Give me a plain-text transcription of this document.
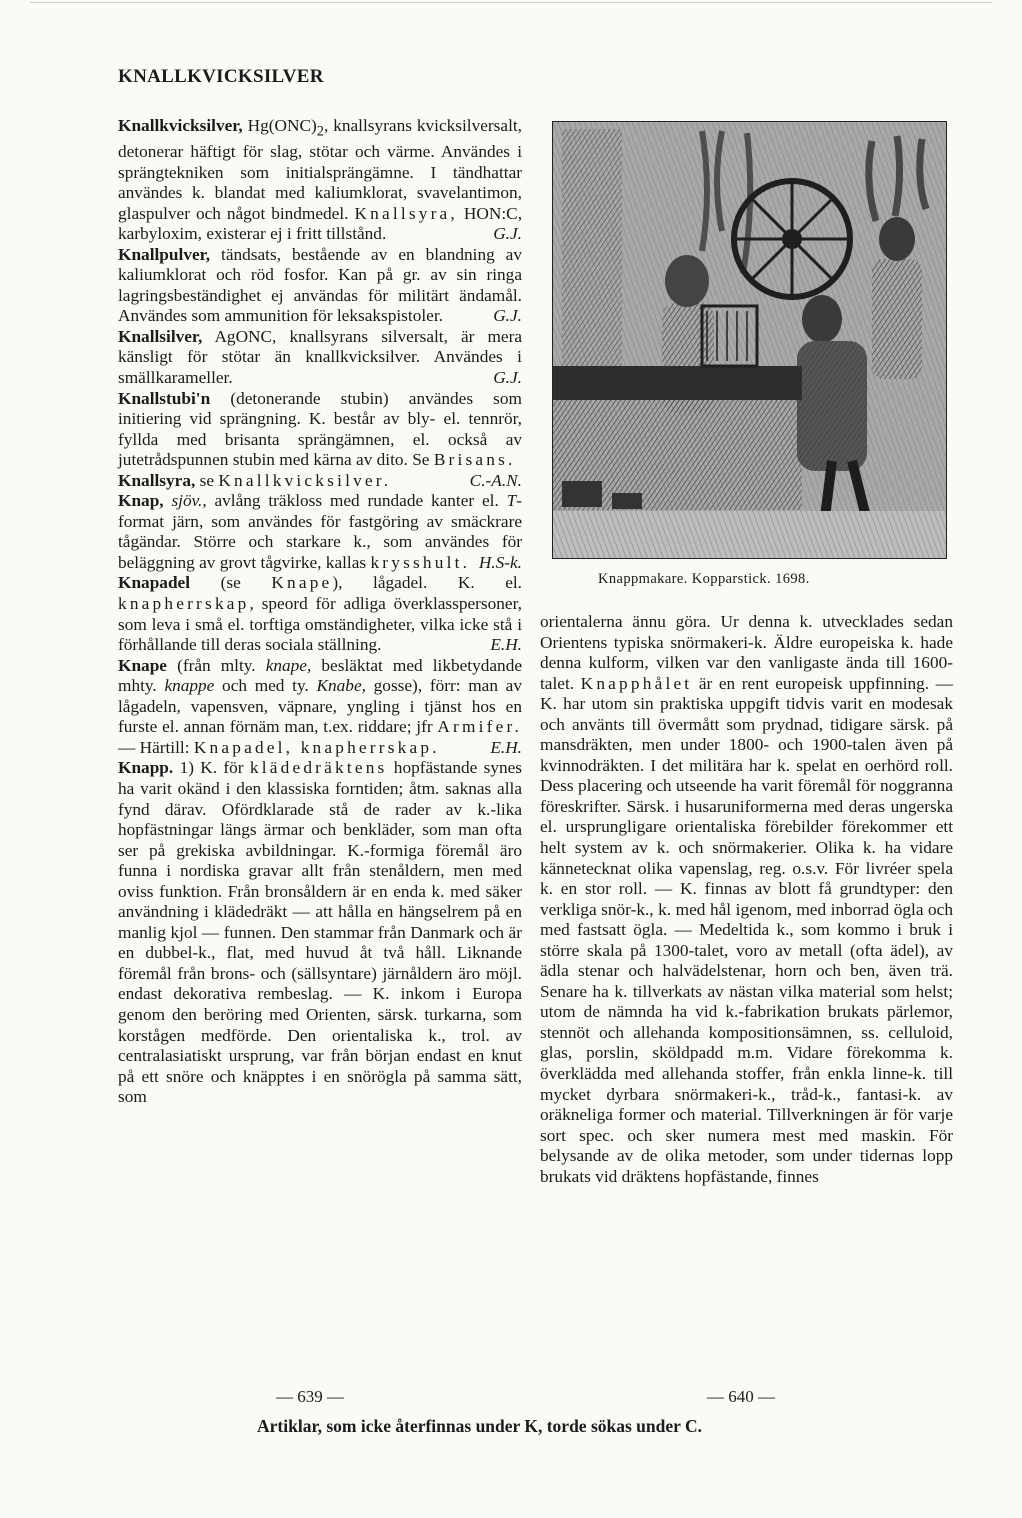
KNALLKVICKSILVER

Knallkvicksilver, $Hg(ONC)_2$, knallsyrans kvicksilversalt, detonerar häftigt för slag, stötar och värme. Användes i sprängtekniken som initialsprängämne. I tändhattar användes k. blandat med kaliumklorat, svavelantimon, glaspulver och något bindmedel. Knallsyra, HON:C, karbyloxim, existerar ej i fritt tillstånd.	G.J.

Knallpulver, tändsats, bestående av en blandning av kaliumklorat och röd fosfor. Kan på gr. av sin ringa lagringsbeständighet ej användas för militärt ändamål. Användes som ammunition för leksakspistoler.	G.J.

Knallsilver, AgONC, knallsyrans silversalt, är mera känsligt för stötar än knallkvicksilver. Användes i smällkarameller.	G.J.

Knallstubi'n (detonerande stubin) användes som initiering vid sprängning. K. består av bly- el. tennrör, fyllda med brisanta sprängämnen, el. också av jutetrådspunnen stubin med kärna av dito. Se Brisans.
C.-A.N.

Knallsyra, se Knallkvicksilver.

Knap, sjöv., avlång träkloss med rundade kanter el. T-format järn, som användes för fastgöring av smäckrare tågändar. Större och starkare k., som användes för beläggning av grovt tågvirke, kallas krysshult. H.S-k.

Knapadel (se Knape), lågadel. K. el. knapherrskap, speord för adliga överklasspersoner, som leva i små el. torftiga omständigheter, vilka icke stå i förhållande till deras sociala ställning.	E.H.

Knape (från mlty. knape, besläktat med likbetydande mhty. knappe och med ty. Knabe, gosse), förr: man av lågadeln, vapensven, väpnare, yngling i tjänst hos en furste el. annan förnäm man, t.ex. riddare; jfr Armifer. — Härtill: Knapadel, knapherrskap.	E.H.

Knapp. 1) K. för klädedräktens hopfästande synes ha varit okänd i den klassiska forntiden; åtm. saknas alla fynd därav. Ofördklarade stå de rader av k.-lika hopfästningar längs ärmar och benkläder, som man ofta ser på grekiska avbildningar. K.-formiga föremål äro funna i nordiska gravar allt från stenåldern, men med oviss funktion. Från bronsåldern är en enda k. med säker användning i klädedräkt — att hålla en hängselrem på en manlig kjol — funnen. Den stammar från Danmark och är en dubbel-k., flat, med huvud åt två håll. Liknande föremål från brons- och (sällsyntare) järnåldern äro möjl. endast dekorativa rembeslag. — K. inkom i Europa genom den beröring med Orienten, särsk. turkarna, som korstågen medförde. Den orientaliska k., trol. av centralasiatiskt ursprung, var från början endast en knut på ett snöre och knäpptes i en snörögla på samma sätt, som

Knappmakare. Kopparstick. 1698.

orientalerna ännu göra. Ur denna k. utvecklades sedan Orientens typiska snörmakeri-k. Äldre europeiska k. hade denna kulform, vilken var den vanligaste ända till 1600-talet. Knapphålet är en rent europeisk uppfinning. — K. har utom sin praktiska uppgift tidvis varit en modesak och använts till övermått som prydnad, tidigare särsk. på mansdräkten, men under 1800- och 1900-talen även på kvinnodräkten. I det militära har k. spelat en oerhörd roll. Dess placering och utseende ha varit föremål för noggranna föreskrifter. Särsk. i husaruniformerna med deras ungerska el. ursprungligare orientaliska förebilder förekommer ett helt system av k. och snörmakerier. Olika k. ha vidare kännetecknat olika vapenslag, reg. o.s.v. För livréer spela k. en stor roll. — K. finnas av blott få grundtyper: den verkliga snör-k., k. med hål igenom, med inborrad ögla och med fastsatt ögla. — Medeltida k., som kommo i bruk i större skala på 1300-talet, voro av metall (ofta ädel), av ädla stenar och halvädelstenar, horn och ben, även trä. Senare ha k. tillverkats av nästan vilka material som helst; utom de nämnda ha vid k.-fabrikation brukats pärlemor, stennöt och allehanda kompositionsämnen, ss. celluloid, glas, porslin, sköldpadd m.m. Vidare förekomma k. överklädda med allehanda stoffer, från enkla linne-k. till mycket dyrbara snörmakeri-k., tråd-k., fantasi-k. av oräkneliga former och material. Tillverkningen är för varje sort spec. och sker numera mest med maskin. För belysande av de olika metoder, som under tidernas lopp brukats vid dräktens hopfästande, finnes

— 639 —	— 640 —
Artiklar, som icke återfinnas under K, torde sökas under C.
